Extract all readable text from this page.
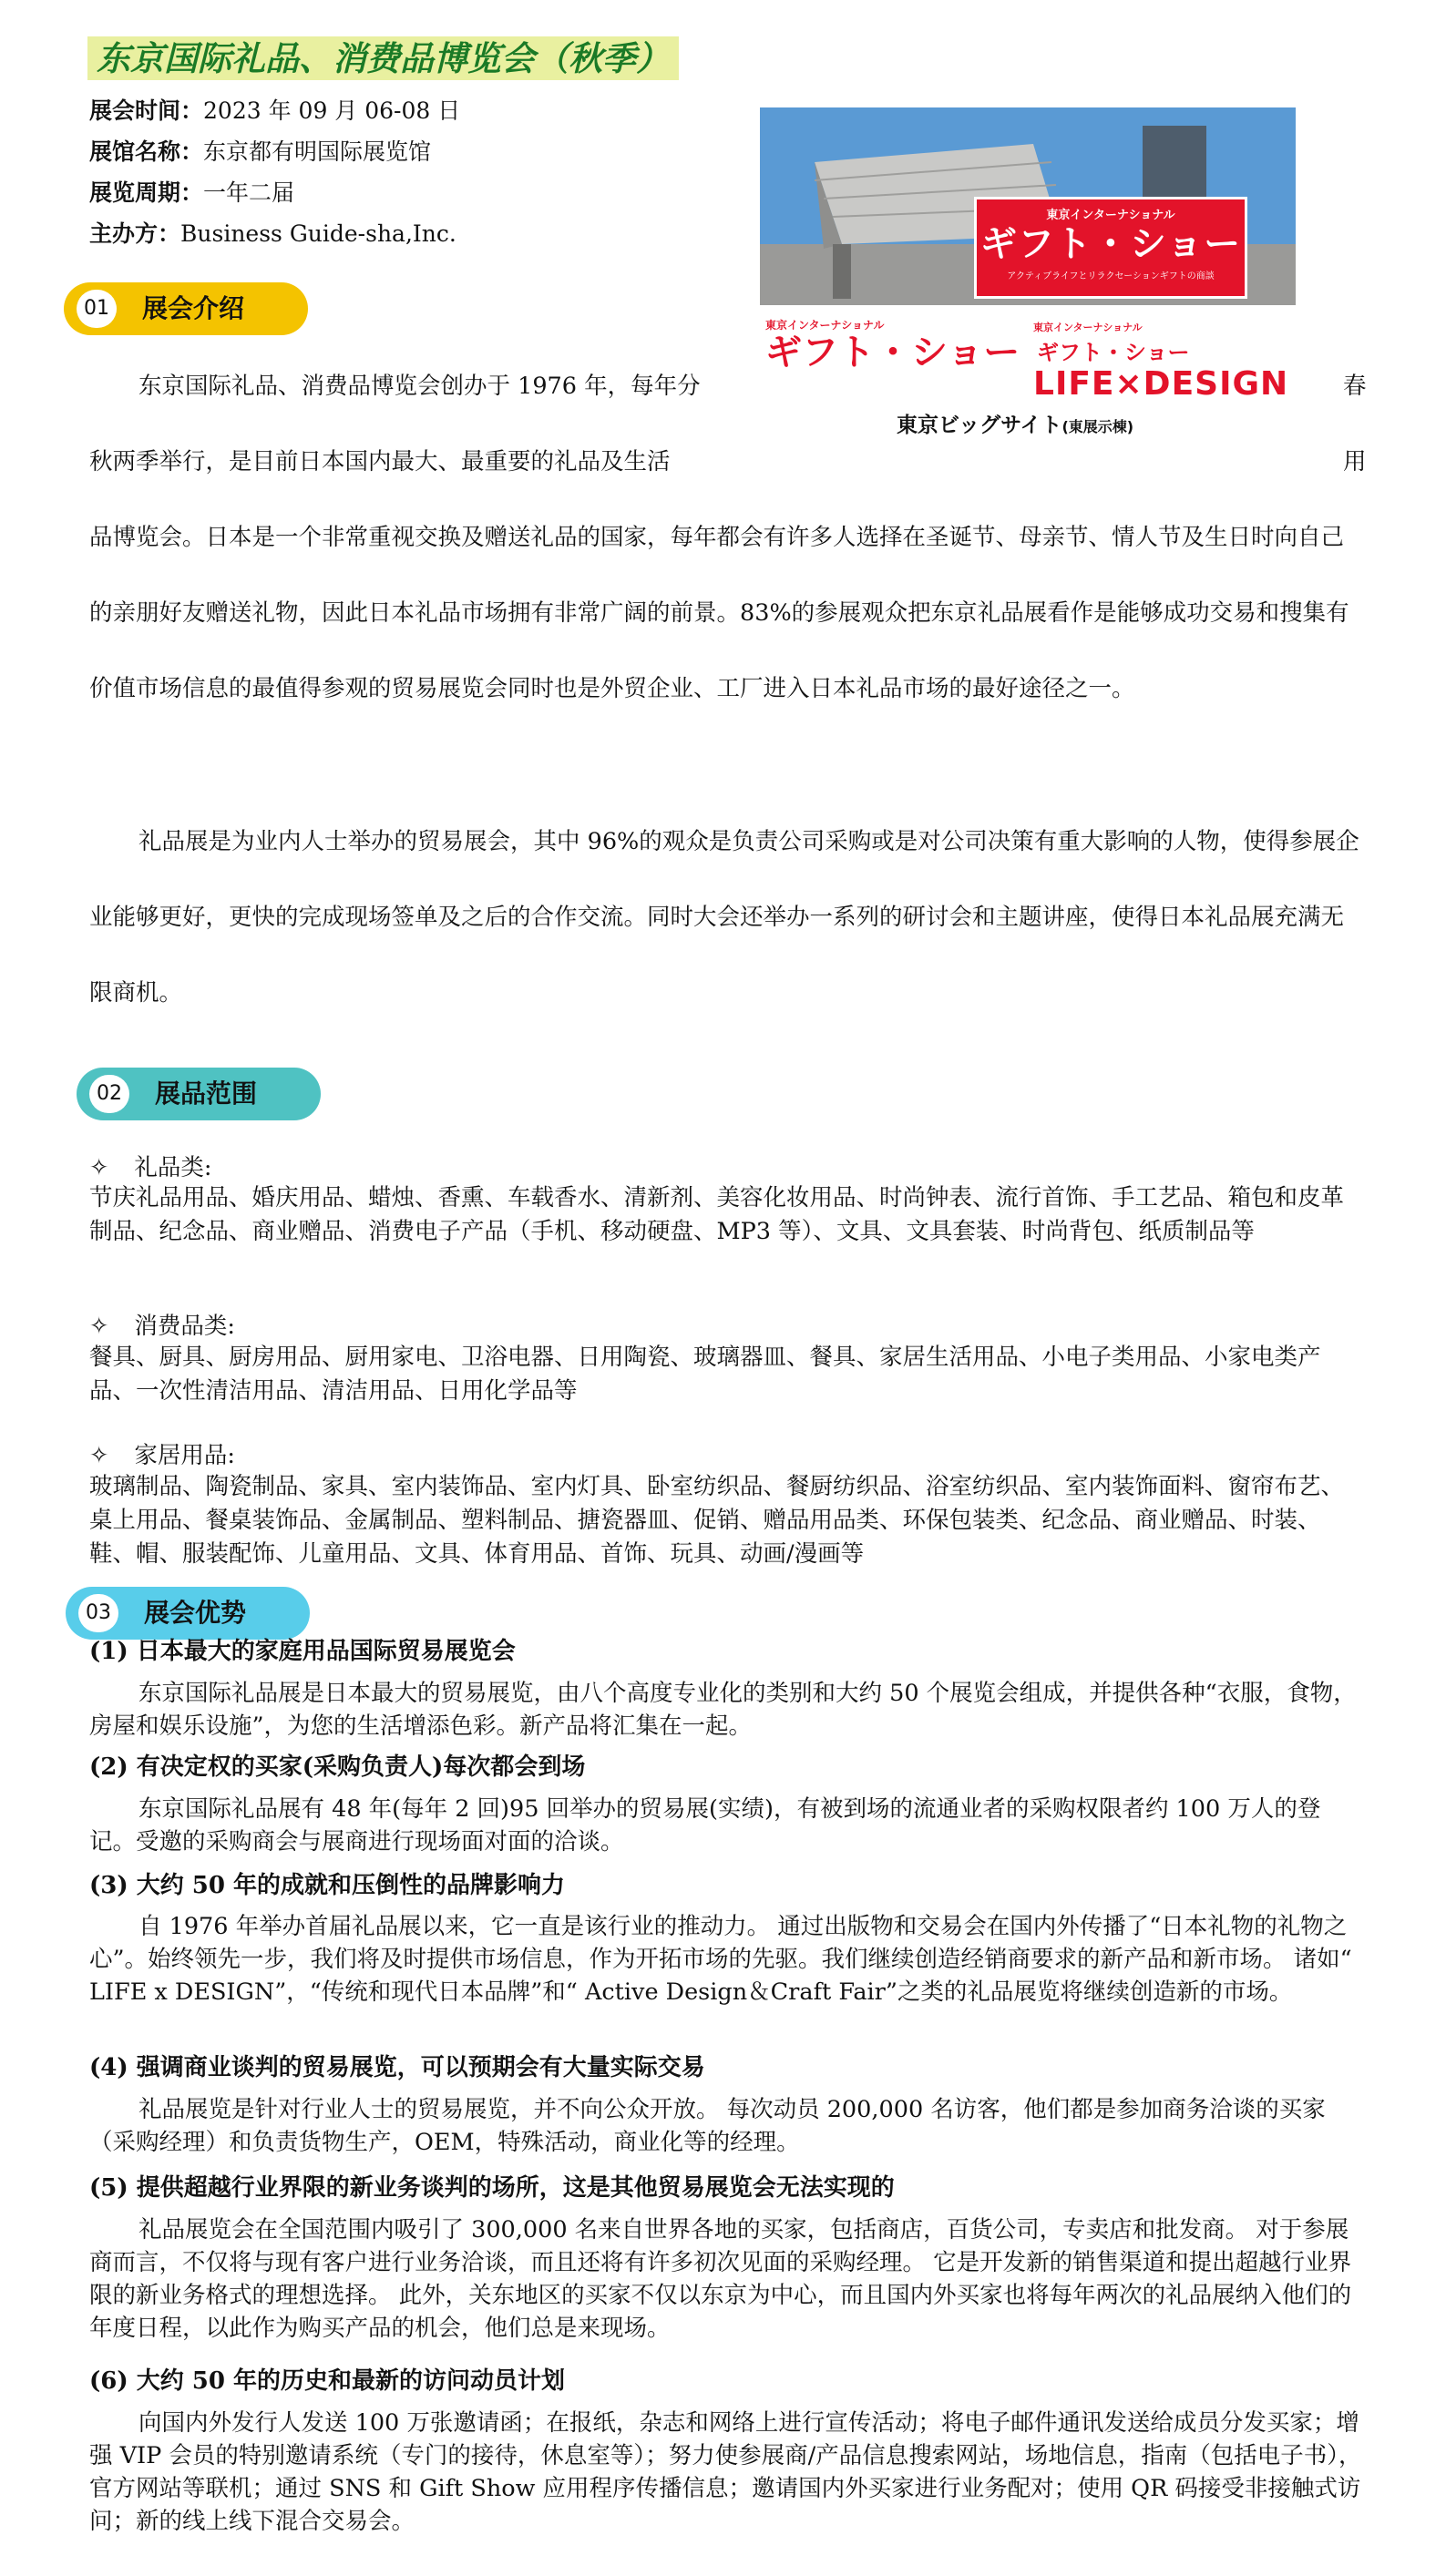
东京国际礼品、消费品博览会（秋季）
展会时间：2023 年 09 月 06-08 日
展馆名称：东京都有明国际展览馆
展览周期：一年二届
主办方：Business Guide-sha,Inc.
東京インターナショナル
ギフト・ショー
アクティブライフとリラクセーションギフトの商談
東京インターナショナル
ギフト・ショー
東京インターナショナル ギフト・ショー
LIFE×DESIGN
東京ビッグサイト(東展示棟)
01 展会介绍
东京国际礼品、消费品博览会创办于 1976 年，每年分	春
秋两季举行，是目前日本国内最大、最重要的礼品及生活	用
品博览会。日本是一个非常重视交换及赠送礼品的国家，每年都会有许多人选择在圣诞节、母亲节、情人节及生日时向自己的亲朋好友赠送礼物，因此日本礼品市场拥有非常广阔的前景。83%的参展观众把东京礼品展看作是能够成功交易和搜集有价值市场信息的最值得参观的贸易展览会同时也是外贸企业、工厂进入日本礼品市场的最好途径之一。
礼品展是为业内人士举办的贸易展会，其中 96%的观众是负责公司采购或是对公司决策有重大影响的人物，使得参展企业能够更好，更快的完成现场签单及之后的合作交流。同时大会还举办一系列的研讨会和主题讲座，使得日本礼品展充满无限商机。
02 展品范围
✧ 礼品类:
节庆礼品用品、婚庆用品、蜡烛、香熏、车载香水、清新剂、美容化妆用品、时尚钟表、流行首饰、手工艺品、箱包和皮革制品、纪念品、商业赠品、消费电子产品（手机、移动硬盘、MP3 等）、文具、文具套装、时尚背包、纸质制品等
✧ 消费品类:
餐具、厨具、厨房用品、厨用家电、卫浴电器、日用陶瓷、玻璃器皿、餐具、家居生活用品、小电子类用品、小家电类产品、一次性清洁用品、清洁用品、日用化学品等
✧ 家居用品:
玻璃制品、陶瓷制品、家具、室内装饰品、室内灯具、卧室纺织品、餐厨纺织品、浴室纺织品、室内装饰面料、窗帘布艺、桌上用品、餐桌装饰品、金属制品、塑料制品、搪瓷器皿、促销、赠品用品类、环保包装类、纪念品、商业赠品、时装、鞋、帽、服装配饰、儿童用品、文具、体育用品、首饰、玩具、动画/漫画等
03 展会优势
(1) 日本最大的家庭用品国际贸易展览会
东京国际礼品展是日本最大的贸易展览，由八个高度专业化的类别和大约 50 个展览会组成，并提供各种“衣服，食物，房屋和娱乐设施”，为您的生活增添色彩。新产品将汇集在一起。
(2) 有决定权的买家(采购负责人)每次都会到场
东京国际礼品展有 48 年(每年 2 回)95 回举办的贸易展(实绩)，有被到场的流通业者的采购权限者约 100 万人的登记。受邀的采购商会与展商进行现场面对面的洽谈。
(3) 大约 50 年的成就和压倒性的品牌影响力
自 1976 年举办首届礼品展以来，它一直是该行业的推动力。 通过出版物和交易会在国内外传播了“日本礼物的礼物之心”。始终领先一步，我们将及时提供市场信息，作为开拓市场的先驱。我们继续创造经销商要求的新产品和新市场。 诸如“ LIFE x DESIGN”，“传统和现代日本品牌”和“ Active Design＆Craft Fair”之类的礼品展览将继续创造新的市场。
(4) 强调商业谈判的贸易展览，可以预期会有大量实际交易
礼品展览是针对行业人士的贸易展览，并不向公众开放。 每次动员 200,000 名访客，他们都是参加商务洽谈的买家（采购经理）和负责货物生产，OEM，特殊活动，商业化等的经理。
(5) 提供超越行业界限的新业务谈判的场所，这是其他贸易展览会无法实现的
礼品展览会在全国范围内吸引了 300,000 名来自世界各地的买家，包括商店，百货公司，专卖店和批发商。 对于参展商而言，不仅将与现有客户进行业务洽谈，而且还将有许多初次见面的采购经理。 它是开发新的销售渠道和提出超越行业界限的新业务格式的理想选择。 此外，关东地区的买家不仅以东京为中心，而且国内外买家也将每年两次的礼品展纳入他们的年度日程，以此作为购买产品的机会，他们总是来现场。
(6) 大约 50 年的历史和最新的访问动员计划
向国内外发行人发送 100 万张邀请函；在报纸，杂志和网络上进行宣传活动；将电子邮件通讯发送给成员分发买家；增强 VIP 会员的特别邀请系统（专门的接待，休息室等）；努力使参展商/产品信息搜索网站，场地信息，指南（包括电子书），官方网站等联机；通过 SNS 和 Gift Show 应用程序传播信息；邀请国内外买家进行业务配对；使用 QR 码接受非接触式访问；新的线上线下混合交易会。
